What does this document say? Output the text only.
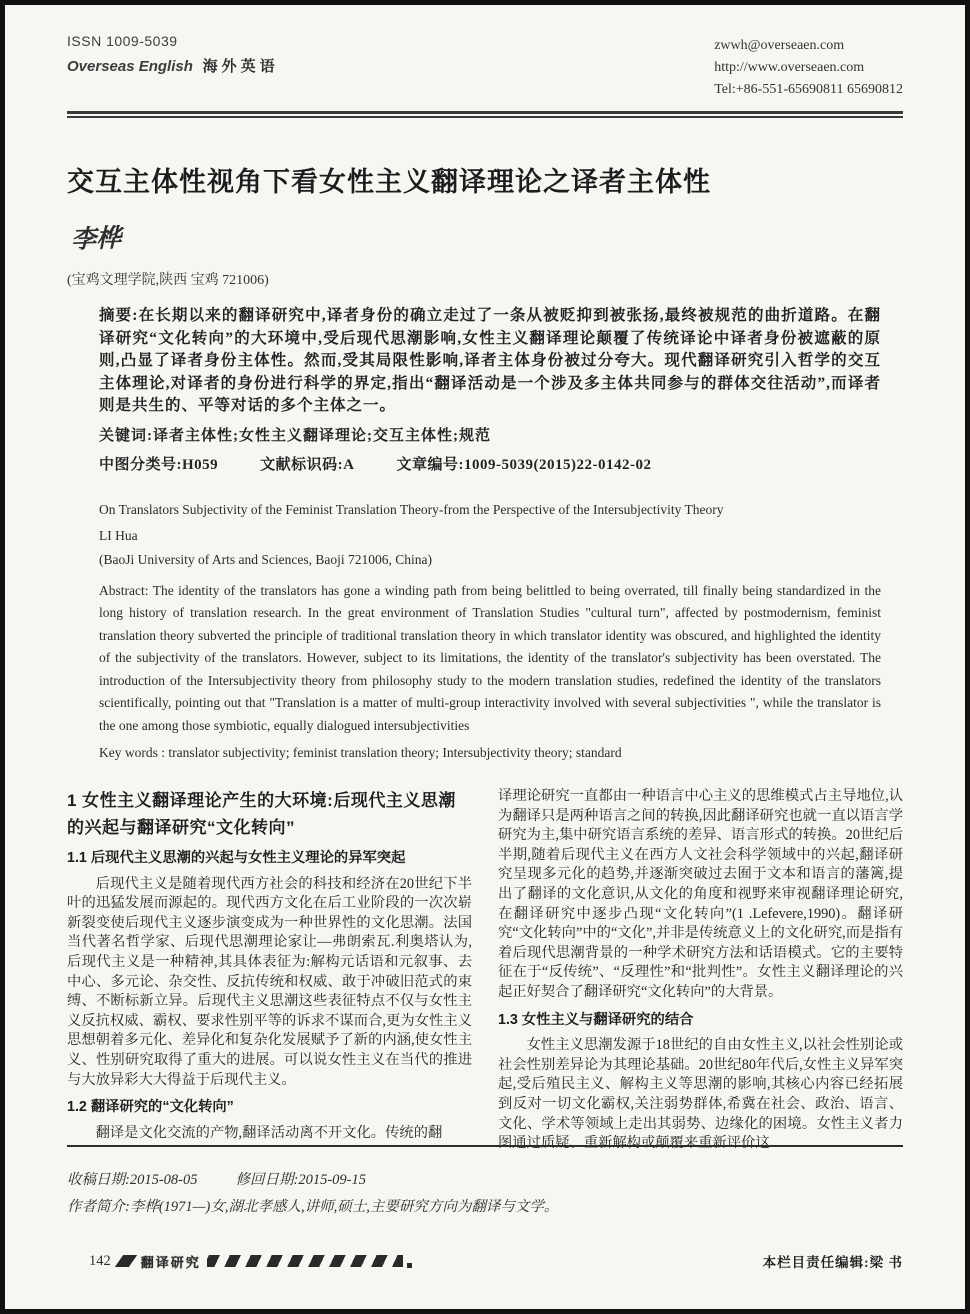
ISSN 1009-5039
Overseas English 海外英语
zwwh@overseaen.com
http://www.overseaen.com
Tel:+86-551-65690811 65690812
交互主体性视角下看女性主义翻译理论之译者主体性
李桦
(宝鸡文理学院,陕西 宝鸡 721006)

摘要:在长期以来的翻译研究中,译者身份的确立走过了一条从被贬抑到被张扬,最终被规范的曲折道路。在翻译研究“文化转向”的大环境中,受后现代思潮影响,女性主义翻译理论颠覆了传统译论中译者身份被遮蔽的原则,凸显了译者身份主体性。然而,受其局限性影响,译者主体身份被过分夸大。现代翻译研究引入哲学的交互主体理论,对译者的身份进行科学的界定,指出“翻译活动是一个涉及多主体共同参与的群体交往活动”,而译者则是共生的、平等对话的多个主体之一。

关键词:译者主体性;女性主义翻译理论;交互主体性;规范

中图分类号:H059	文献标识码:A	文章编号:1009-5039(2015)22-0142-02

On Translators Subjectivity of the Feminist Translation Theory-from the Perspective of the Intersubjectivity Theory

LI Hua

(BaoJi University of Arts and Sciences, Baoji 721006, China)

Abstract: The identity of the translators has gone a winding path from being belittled to being overrated, till finally being standardized in the long history of translation research. In the great environment of Translation Studies "cultural turn", affected by postmodernism, feminist translation theory subverted the principle of traditional translation theory in which translator identity was obscured, and highlighted the identity of the subjectivity of the translators. However, subject to its limitations, the identity of the translator's subjectivity has been overstated. The introduction of the Intersubjectivity theory from philosophy study to the modern translation studies, redefined the identity of the translators scientifically, pointing out that "Translation is a matter of multi-group interactivity involved with several subjectivities ", while the translator is the one among those symbiotic, equally dialogued intersubjectivities

Key words : translator subjectivity; feminist translation theory; Intersubjectivity theory; standard

1 女性主义翻译理论产生的大环境:后现代主义思潮的兴起与翻译研究“文化转向”
1.1 后现代主义思潮的兴起与女性主义理论的异军突起

后现代主义是随着现代西方社会的科技和经济在20世纪下半叶的迅猛发展而源起的。现代西方文化在后工业阶段的一次次崭新裂变使后现代主义逐步演变成为一种世界性的文化思潮。法国当代著名哲学家、后现代思潮理论家让—弗朗索瓦.利奥塔认为,后现代主义是一种精神,其具体表征为:解构元话语和元叙事、去中心、多元论、杂交性、反抗传统和权威、敢于冲破旧范式的束缚、不断标新立异。后现代主义思潮这些表征特点不仅与女性主义反抗权威、霸权、要求性别平等的诉求不谋而合,更为女性主义思想朝着多元化、差异化和复杂化发展赋予了新的内涵,使女性主义、性别研究取得了重大的进展。可以说女性主义在当代的推进与大放异彩大大得益于后现代主义。

1.2 翻译研究的“文化转向”

翻译是文化交流的产物,翻译活动离不开文化。传统的翻

译理论研究一直都由一种语言中心主义的思维模式占主导地位,认为翻译只是两种语言之间的转换,因此翻译研究也就一直以语言学研究为主,集中研究语言系统的差异、语言形式的转换。20世纪后半期,随着后现代主义在西方人文社会科学领域中的兴起,翻译研究呈现多元化的趋势,并逐渐突破过去囿于文本和语言的藩篱,提出了翻译的文化意识,从文化的角度和视野来审视翻译理论研究,在翻译研究中逐步凸现“文化转向”(1 .Lefevere,1990)。翻译研究“文化转向”中的“文化”,并非是传统意义上的文化研究,而是指有着后现代思潮背景的一种学术研究方法和话语模式。它的主要特征在于“反传统”、“反理性”和“批判性”。女性主义翻译理论的兴起正好契合了翻译研究“文化转向”的大背景。

1.3 女性主义与翻译研究的结合

女性主义思潮发源于18世纪的自由女性主义,以社会性别论或社会性别差异论为其理论基础。20世纪80年代后,女性主义异军突起,受后殖民主义、解构主义等思潮的影响,其核心内容已经拓展到反对一切文化霸权,关注弱势群体,希冀在社会、政治、语言、文化、学术等领域上走出其弱势、边缘化的困境。女性主义者力图通过质疑、重新解构或颠覆来重新评价这

收稿日期:2015-08-05	修回日期:2015-09-15

作者简介:李桦(1971—)女,湖北孝感人,讲师,硕士,主要研究方向为翻译与文学。

142 翻译研究	本栏目责任编辑:梁 书
